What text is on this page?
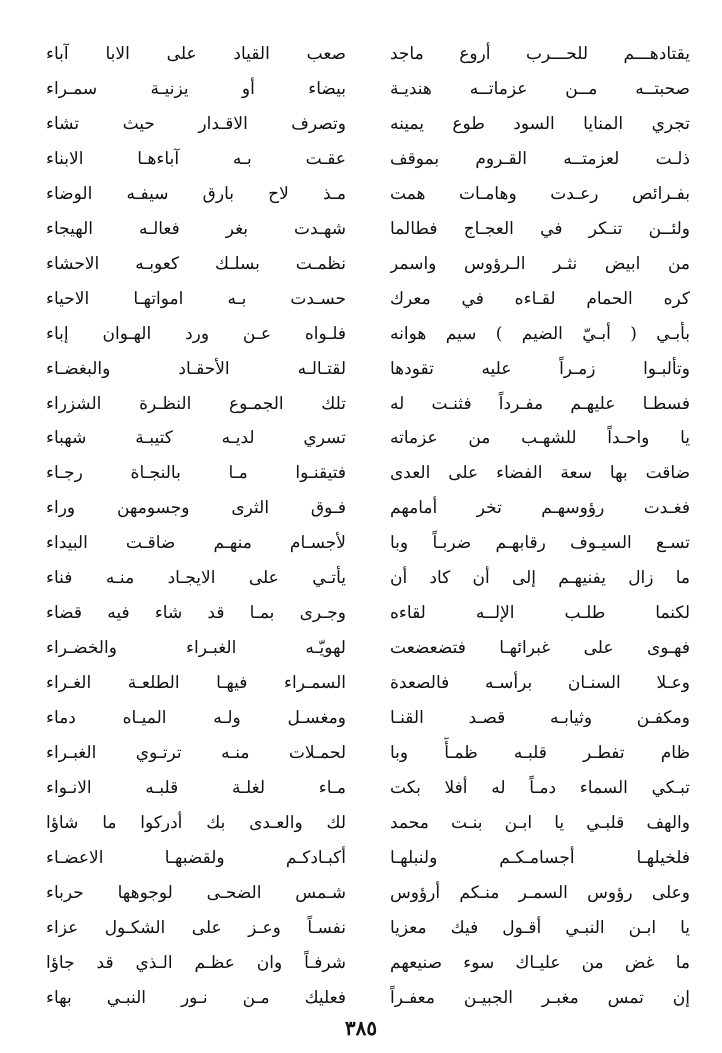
يقتادهـــم للحـــرب أروع ماجد
صعب القياد على الابا آباء
صحبتــه مــن عزماتــه هنديـة
بيضاء أو يزنيـة سمـراء
تجري المنايا السود طوع يمينه
وتصرف الاقـدار حيث تشاء
ذلـت لعزمتــه القـروم بموقف
عقـت بـه آباءهـا الابناء
بفـرائص رعـدت وهامـات همت
مـذ لاح بارق سيفـه الوضاء
ولئــن تنـكر في العجـاج فطالما
شهـدت بغر فعالـه الهيجاء
من ابيض نثـر الـرؤوس واسمر
نظمـت بسلـك كعوبـه الاحشاء
كره الحمام لقـاءه في معرك
حسـدت بـه امواتهـا الاحياء
بأبـي ( أبـيّ الضيم ) سيم هوانه
فلـواه عـن ورد الهـوان إباء
وتألبـوا زمـراً عليه تقودها
لقتـالـه الأحقـاد والبغضـاء
فسطـا عليهـم مفـرداً فثنـت له
تلك الجمـوع النظـرة الشزراء
يا واحـداً للشهـب من عزماته
تسري لديـه كتيبـة شهباء
ضاقت بها سعة الفضاء على العدى
فتيقنـوا مـا بالنجـاة رجـاء
فغـدت رؤوسهـم تخر أمامهم
فـوق الثرى وجسومهن وراء
تسـع السيـوف رقابهـم ضربـاً وبا
لأجسـام منهـم ضاقـت البيداء
ما زال يفنيهـم إلى أن كاد أن
يأتـي على الايجـاد منـه فناء
لكنما طلـب الإلــه لقاءه
وجـرى بمـا قد شاء فيه قضاء
فهـوى على غبرائهـا فتضعضعت
لهويّـه الغبـراء والخضـراء
وعـلا السنـان برأسـه فالصعدة
السمـراء فيهـا الطلعـة الغـراء
ومكفـن وثيابـه قصـد القنـا
ومغسـل ولـه الميـاه دماء
ظام تفطـر قلبـه ظمـأً وبا
لحمـلات منـه ترتـوي الغبـراء
تبـكي السماء دمـاً له أفلا بكت
مـاء لغلـة قلبـه الانـواء
والهف قلبـي يا ابـن بنـت محمد
لك والعـدى بك أدركوا ما شاؤا
فلخيلهـا أجسامـكـم ولنبلهـا
أكبـادكـم ولقضبهـا الاعضـاء
وعلى رؤوس السمـر منـكم أرؤوس
شـمس الضحـى لوجوهها حرباء
يا ابـن النبـي أقـول فيك معزيا
نفسـاً وعـز على الشكـول عزاء
ما غض من عليـاك سوء صنيعهم
شرفـاً وان عظـم الـذي قد جاؤا
إن تمس مغبـر الجبيـن معفـراً
فعليك مـن نـور النبـي بهاء
٣٨٥
